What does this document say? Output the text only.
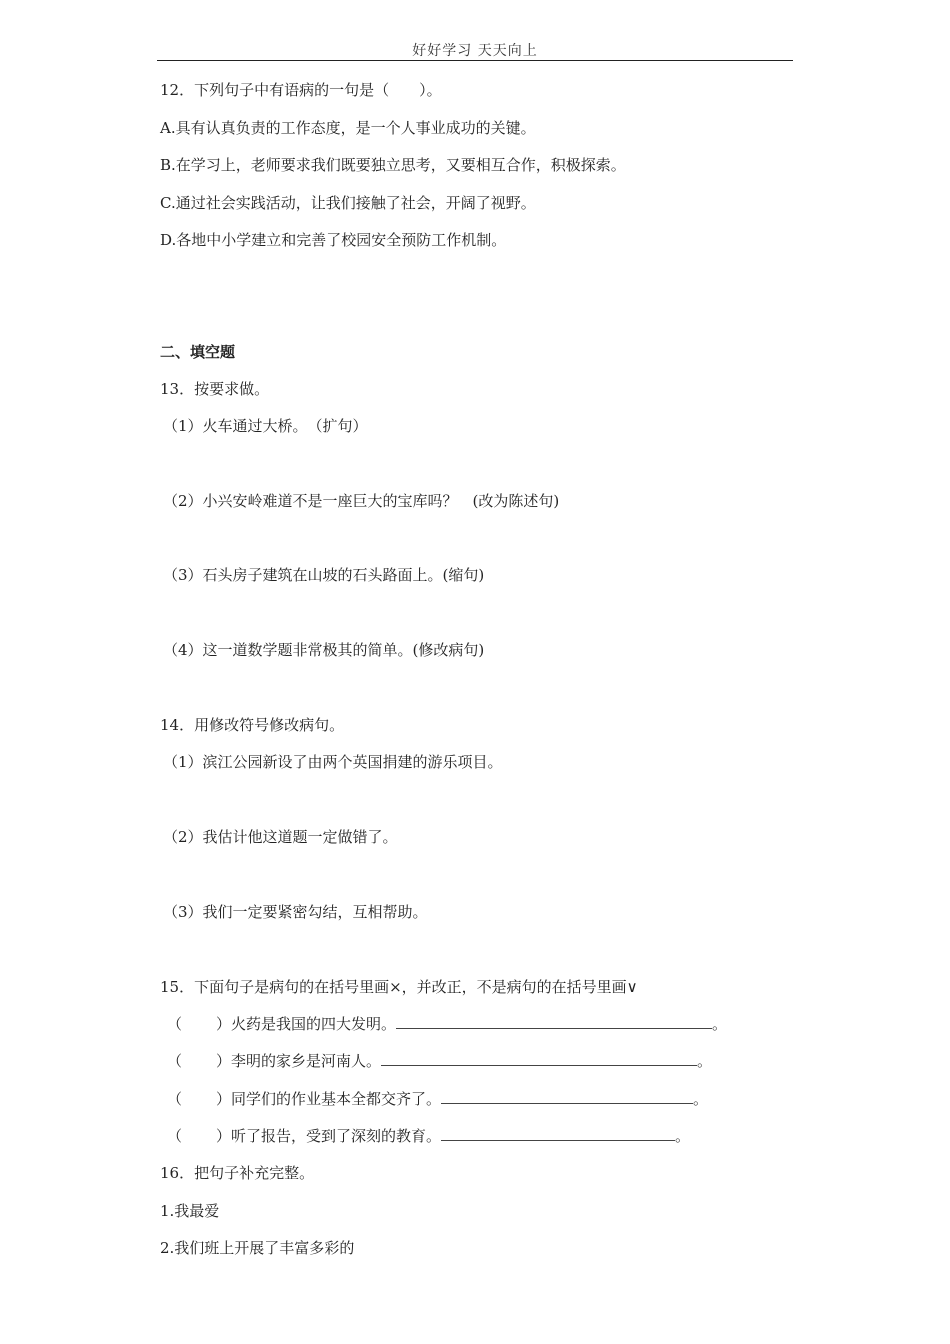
好好学习 天天向上
12．下列句子中有语病的一句是（　　）。
A.具有认真负责的工作态度，是一个人事业成功的关键。
B.在学习上，老师要求我们既要独立思考，又要相互合作，积极探索。
C.通过社会实践活动，让我们接触了社会，开阔了视野。
D.各地中小学建立和完善了校园安全预防工作机制。
二、填空题
13．按要求做。
（1）火车通过大桥。　（扩句）
（2）小兴安岭难道不是一座巨大的宝库吗？　(改为陈述句)
（3）石头房子建筑在山坡的石头路面上。(缩句)
（4）这一道数学题非常极其的简单。(修改病句)
14．用修改符号修改病句。
（1）滨江公园新设了由两个英国捐建的游乐项目。
（2）我估计他这道题一定做错了。
（3）我们一定要紧密勾结，互相帮助。
15．下面句子是病句的在括号里画×，并改正，不是病句的在括号里画∨
（ ）火药是我国的四大发明。	。
（ ）李明的家乡是河南人。	。
（ ）同学们的作业基本全都交齐了。	。
（ ）听了报告，受到了深刻的教育。	。
16．把句子补充完整。
1.我最爱
2.我们班上开展了丰富多彩的
